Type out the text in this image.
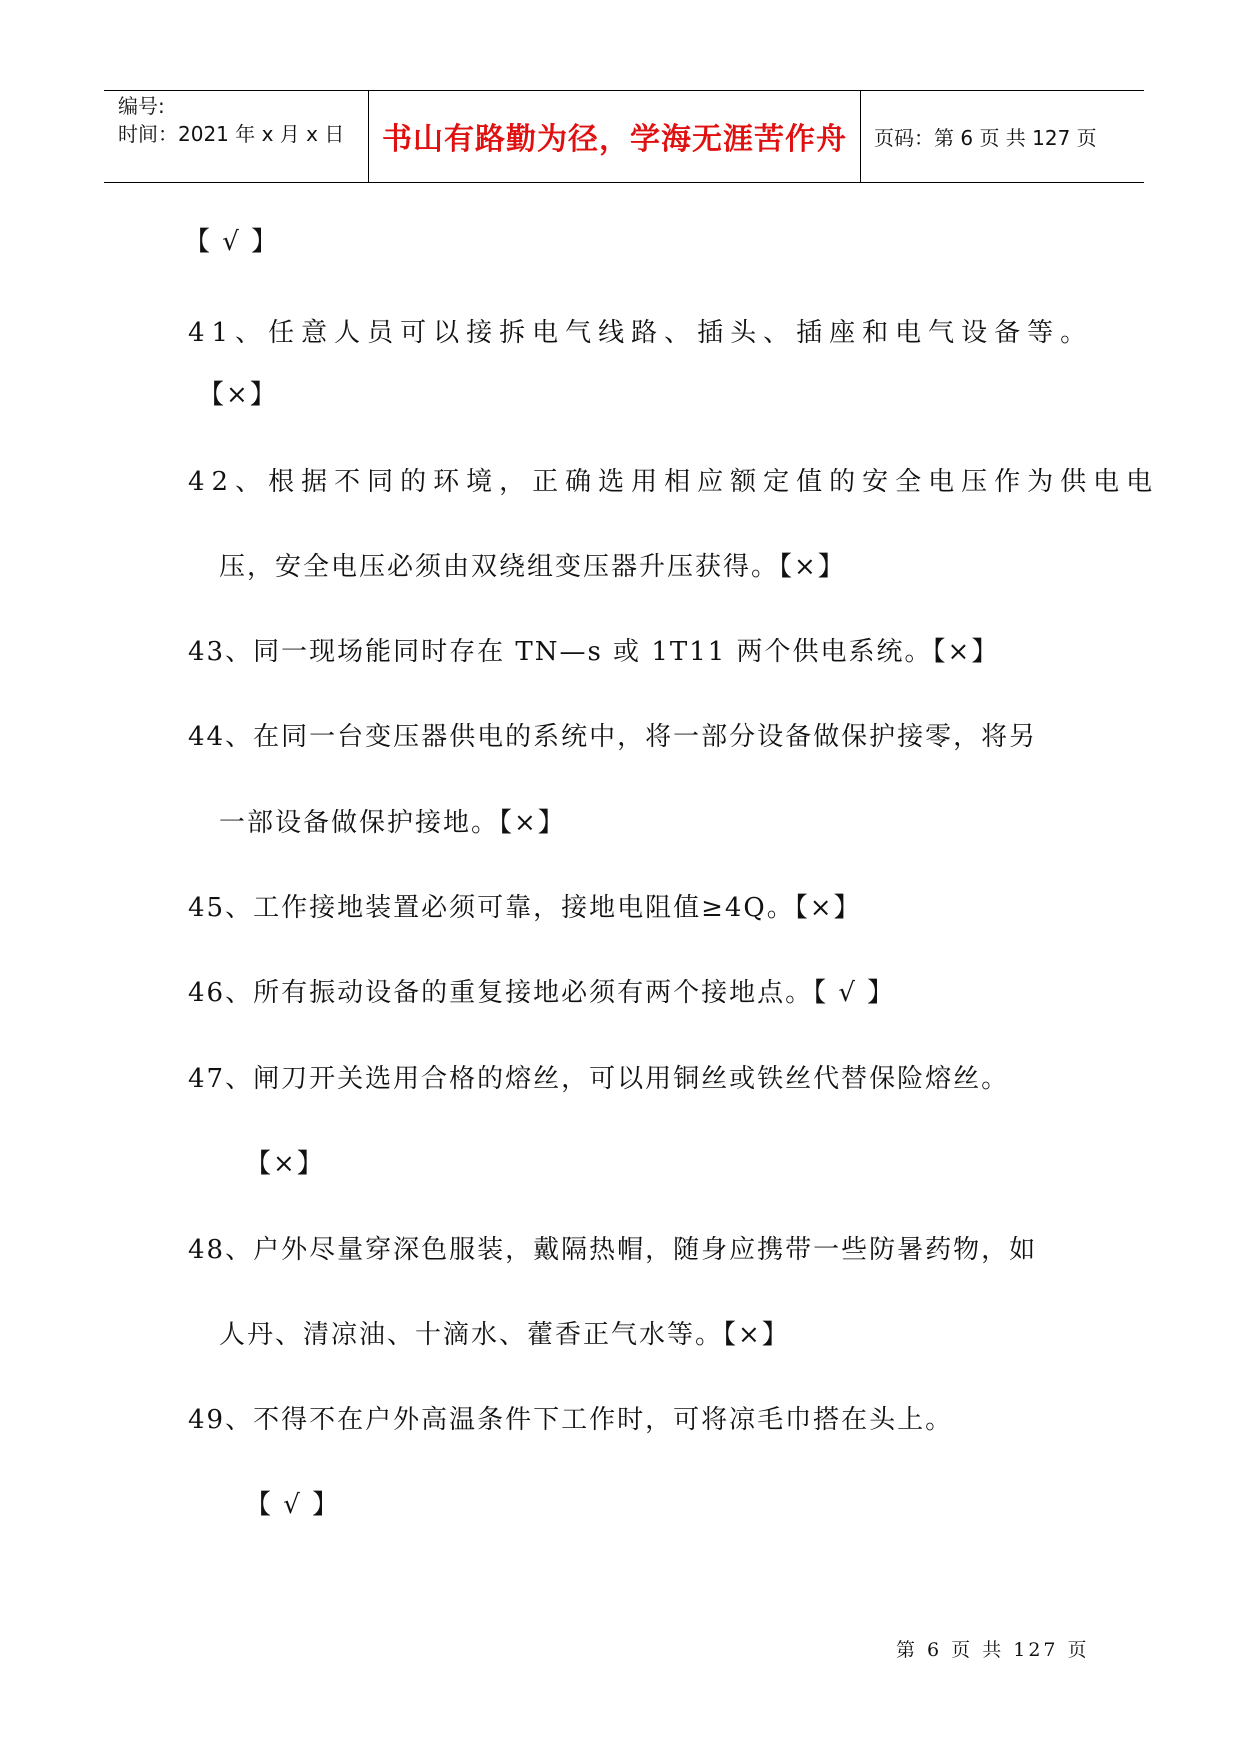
编号:
时间：2021 年 x 月 x 日	书山有路勤为径，学海无涯苦作舟	页码：第 6 页 共 127 页
【 √ 】
41、任意人员可以接拆电气线路、插头、插座和电气设备等。
【×】
42、根据不同的环境，正确选用相应额定值的安全电压作为供电电
压，安全电压必须由双绕组变压器升压获得。【×】
43、同一现场能同时存在 TN—s 或 1T11 两个供电系统。【×】
44、在同一台变压器供电的系统中，将一部分设备做保护接零，将另
一部设备做保护接地。【×】
45、工作接地装置必须可靠，接地电阻值≥4Q。【×】
46、所有振动设备的重复接地必须有两个接地点。【 √ 】
47、闸刀开关选用合格的熔丝，可以用铜丝或铁丝代替保险熔丝。
【×】
48、户外尽量穿深色服装，戴隔热帽，随身应携带一些防暑药物，如
人丹、清凉油、十滴水、藿香正气水等。【×】
49、不得不在户外高温条件下工作时，可将凉毛巾搭在头上。
【 √ 】
第 6 页 共 127 页
